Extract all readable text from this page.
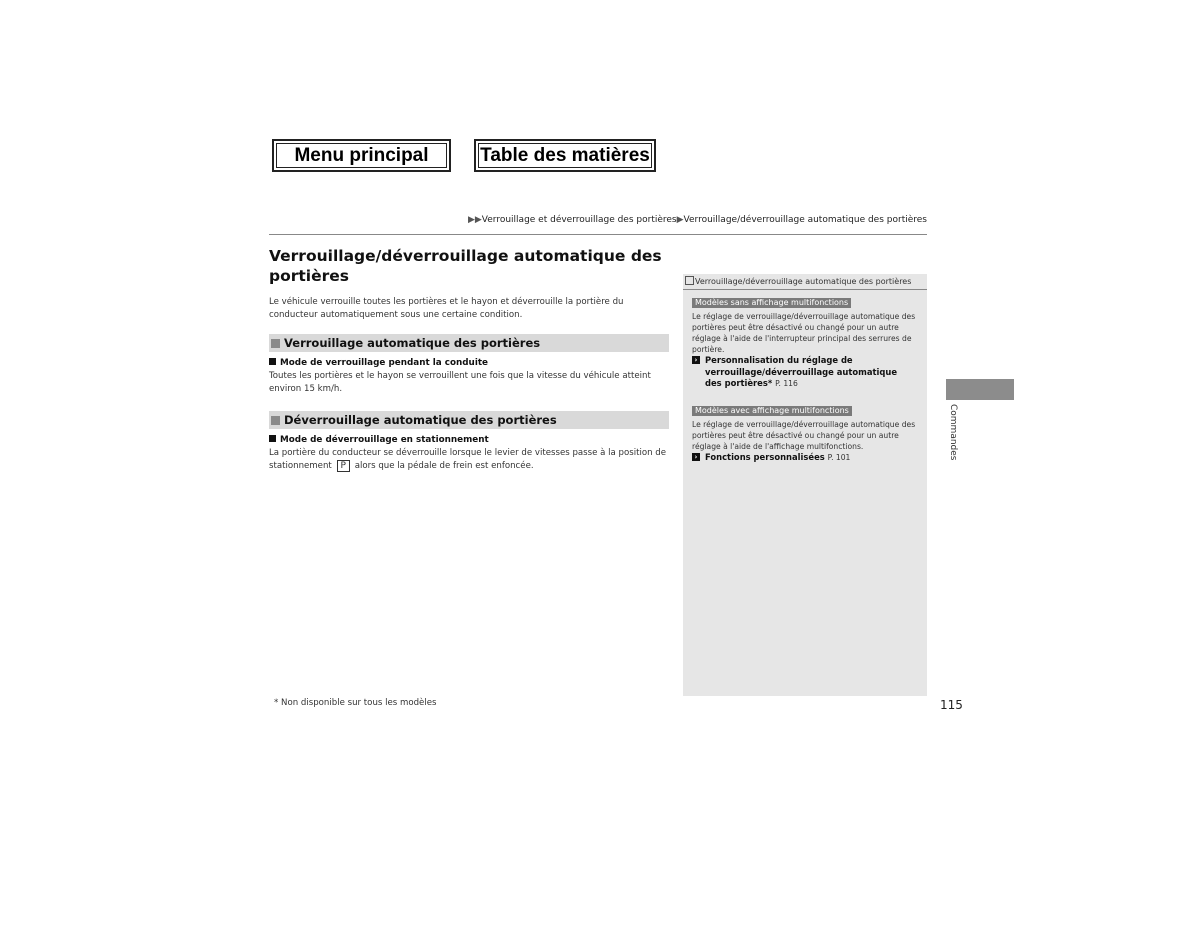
Menu principal	Table des matières
▶▶Verrouillage et déverrouillage des portières▶Verrouillage/déverrouillage automatique des portières
Verrouillage/déverrouillage automatique des portières

Le véhicule verrouille toutes les portières et le hayon et déverrouille la portière du conducteur automatiquement sous une certaine condition.

Verrouillage automatique des portières
Mode de verrouillage pendant la conduite

Toutes les portières et le hayon se verrouillent une fois que la vitesse du véhicule atteint environ 15 km/h.

Déverrouillage automatique des portières
Mode de déverrouillage en stationnement

La portière du conducteur se déverrouille lorsque le levier de vitesses passe à la position de stationnement P alors que la pédale de frein est enfoncée.

Verrouillage/déverrouillage automatique des portières
Modèles sans affichage multifonctions

Le réglage de verrouillage/déverrouillage automatique des portières peut être désactivé ou changé pour un autre réglage à l'aide de l'interrupteur principal des serrures de portière.

› Personnalisation du réglage de verrouillage/déverrouillage automatique des portières* P. 116
Modèles avec affichage multifonctions

Le réglage de verrouillage/déverrouillage automatique des portières peut être désactivé ou changé pour un autre réglage à l'aide de l'affichage multifonctions.

› Fonctions personnalisées P. 101	Commandes
* Non disponible sur tous les modèles	115
